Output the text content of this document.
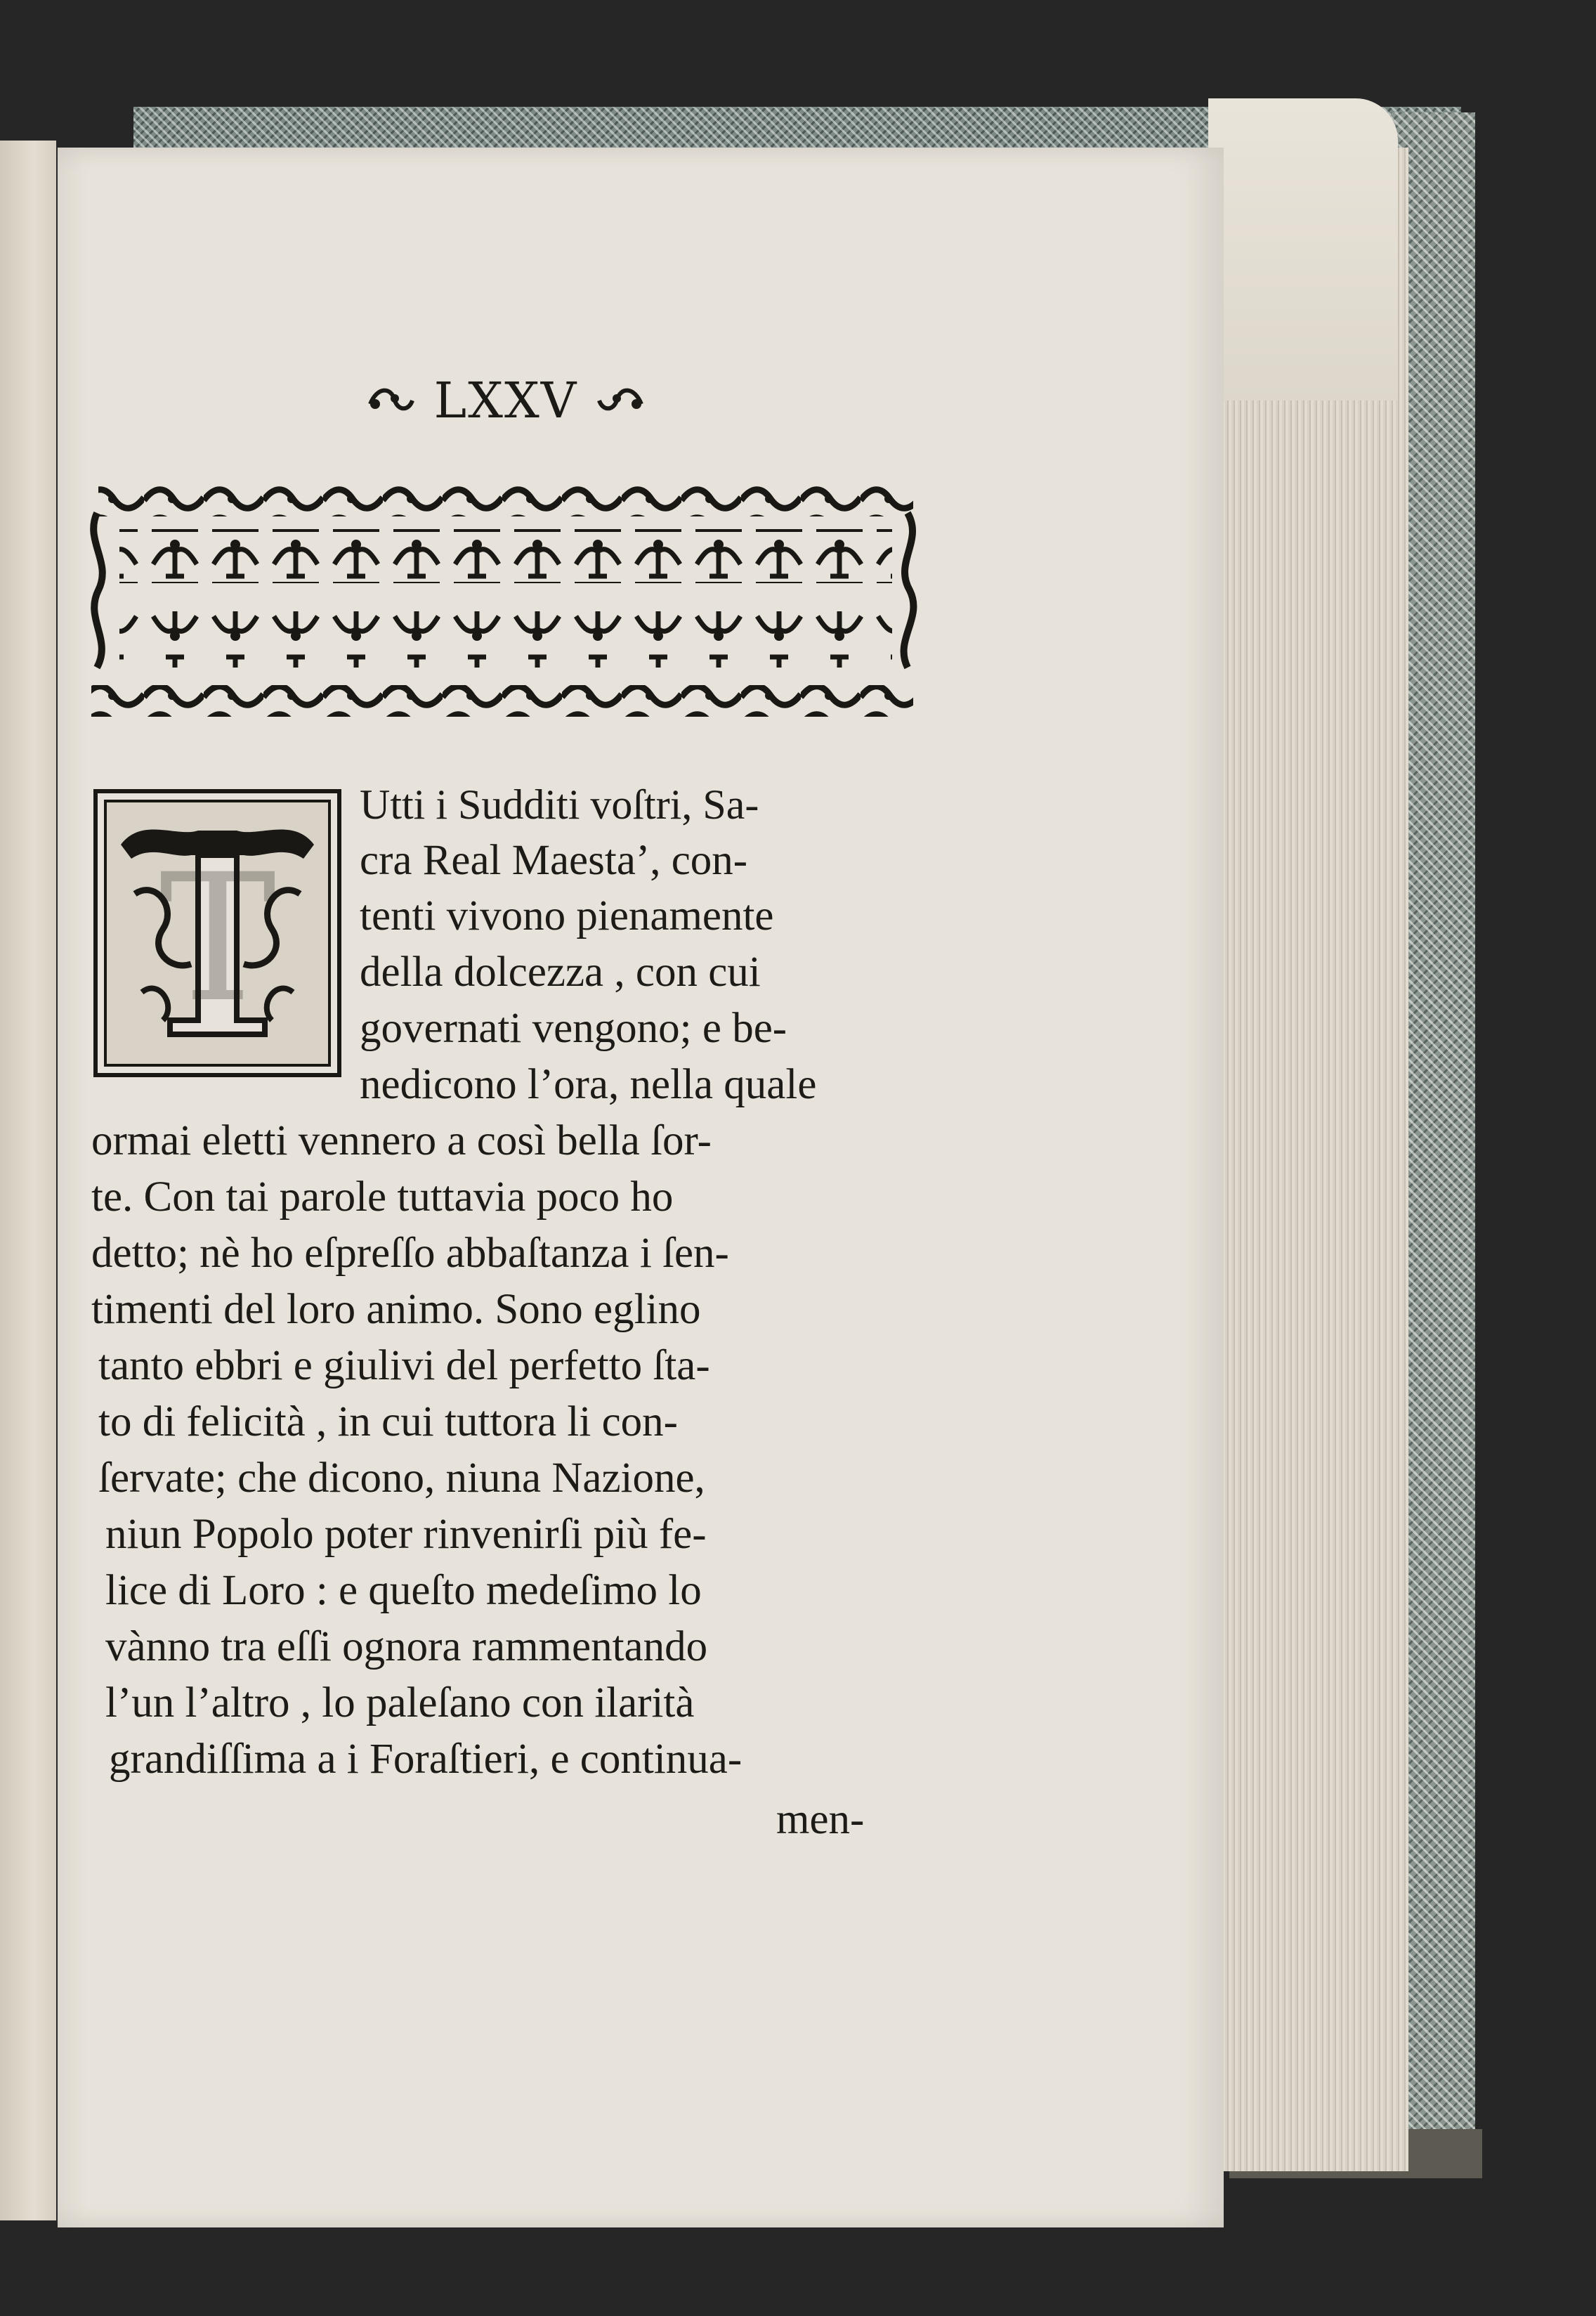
LXXV
T
Utti i Sudditi voſtri, Sa-
cra Real Maesta’, con-
tenti vivono pienamente
della dolcezza , con cui
governati vengono; e be-
nedicono l’ora, nella quale
ormai eletti vennero a così bella ſor-
te. Con tai parole tuttavia poco ho
detto; nè ho eſpreſſo abbaſtanza i ſen-
timenti del loro animo. Sono eglino
tanto ebbri e giulivi del perfetto ſta-
to di felicità , in cui tuttora li con-
ſervate; che dicono, niuna Nazione,
niun Popolo poter rinvenirſi più fe-
lice di Loro : e queſto medeſimo lo
vànno tra eſſi ognora rammentando
l’un l’altro , lo paleſano con ilarità
grandiſſima a i Foraſtieri, e continua-
men-
